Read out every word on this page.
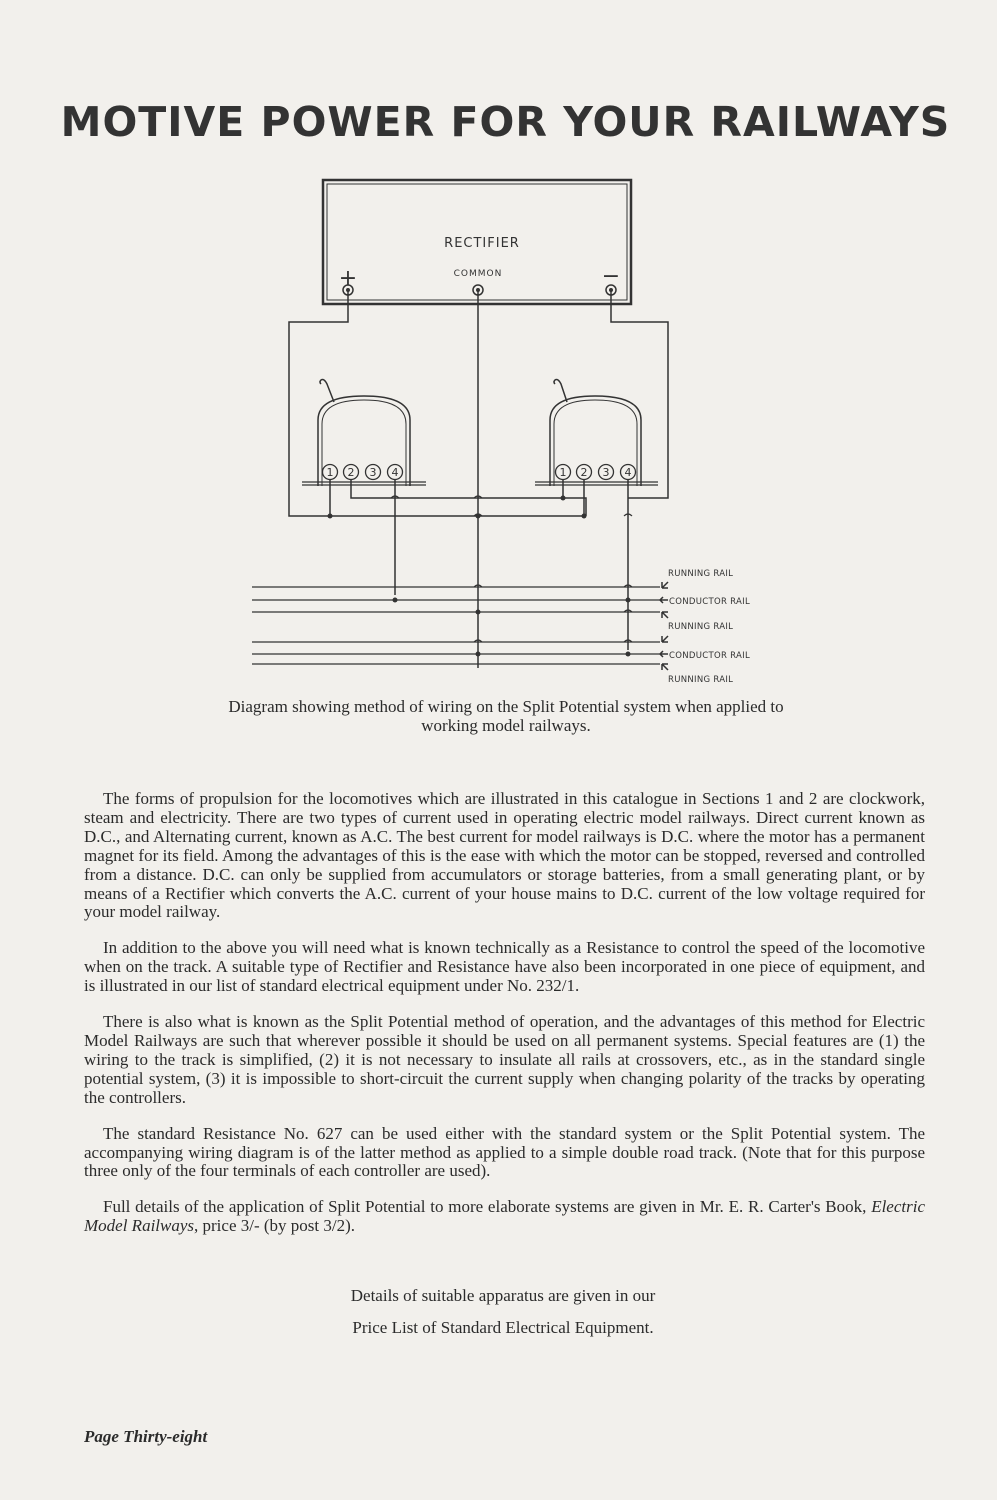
MOTIVE POWER FOR YOUR RAILWAYS
RECTIFIER
COMMON
+	−
1 2 3 4	1 2 3 4
RUNNING RAIL
CONDUCTOR RAIL
RUNNING RAIL
CONDUCTOR RAIL
RUNNING RAIL

Diagram showing method of wiring on the Split Potential system when applied to working model railways.

The forms of propulsion for the locomotives which are illustrated in this catalogue in Sections 1 and 2 are clockwork, steam and electricity. There are two types of current used in operating electric model railways. Direct current known as D.C., and Alternating current, known as A.C. The best current for model railways is D.C. where the motor has a permanent magnet for its field. Among the advantages of this is the ease with which the motor can be stopped, reversed and controlled from a distance. D.C. can only be supplied from accumulators or storage batteries, from a small generating plant, or by means of a Rectifier which converts the A.C. current of your house mains to D.C. current of the low voltage required for your model railway.

In addition to the above you will need what is known technically as a Resistance to control the speed of the locomotive when on the track. A suitable type of Rectifier and Resistance have also been incorporated in one piece of equipment, and is illustrated in our list of standard electrical equipment under No. 232/1.

There is also what is known as the Split Potential method of operation, and the advantages of this method for Electric Model Railways are such that wherever possible it should be used on all permanent systems. Special features are (1) the wiring to the track is simplified, (2) it is not necessary to insulate all rails at crossovers, etc., as in the standard single potential system, (3) it is impossible to short-circuit the current supply when changing polarity of the tracks by operating the controllers.

The standard Resistance No. 627 can be used either with the standard system or the Split Potential system. The accompanying wiring diagram is of the latter method as applied to a simple double road track. (Note that for this purpose three only of the four terminals of each controller are used).

Full details of the application of Split Potential to more elaborate systems are given in Mr. E. R. Carter's Book, Electric Model Railways, price 3/- (by post 3/2).

Details of suitable apparatus are given in our

Price List of Standard Electrical Equipment.

Page Thirty-eight
